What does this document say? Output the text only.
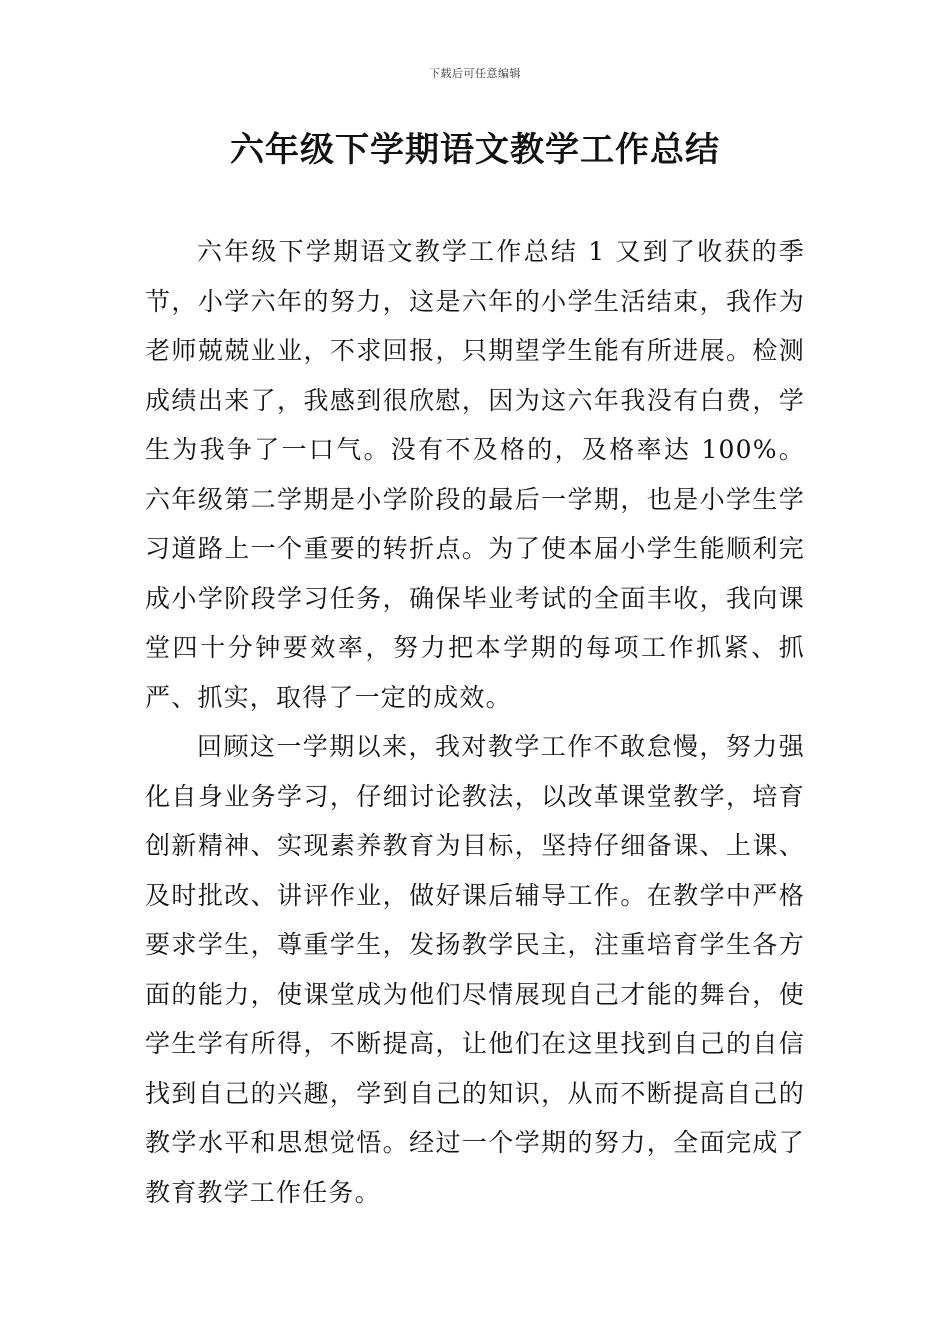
下载后可任意编辑
六年级下学期语文教学工作总结

六年级下学期语文教学工作总结 1 又到了收获的季节，小学六年的努力，这是六年的小学生活结束，我作为老师兢兢业业，不求回报，只期望学生能有所进展。检测成绩出来了，我感到很欣慰，因为这六年我没有白费，学生为我争了一口气。没有不及格的，及格率达 100%。六年级第二学期是小学阶段的最后一学期，也是小学生学习道路上一个重要的转折点。为了使本届小学生能顺利完成小学阶段学习任务，确保毕业考试的全面丰收，我向课堂四十分钟要效率，努力把本学期的每项工作抓紧、抓严、抓实，取得了一定的成效。

回顾这一学期以来，我对教学工作不敢怠慢，努力强化自身业务学习，仔细讨论教法，以改革课堂教学，培育创新精神、实现素养教育为目标，坚持仔细备课、上课、及时批改、讲评作业，做好课后辅导工作。在教学中严格要求学生，尊重学生，发扬教学民主，注重培育学生各方面的能力，使课堂成为他们尽情展现自己才能的舞台，使学生学有所得，不断提高，让他们在这里找到自己的自信找到自己的兴趣，学到自己的知识，从而不断提高自己的教学水平和思想觉悟。经过一个学期的努力，全面完成了教育教学工作任务。
